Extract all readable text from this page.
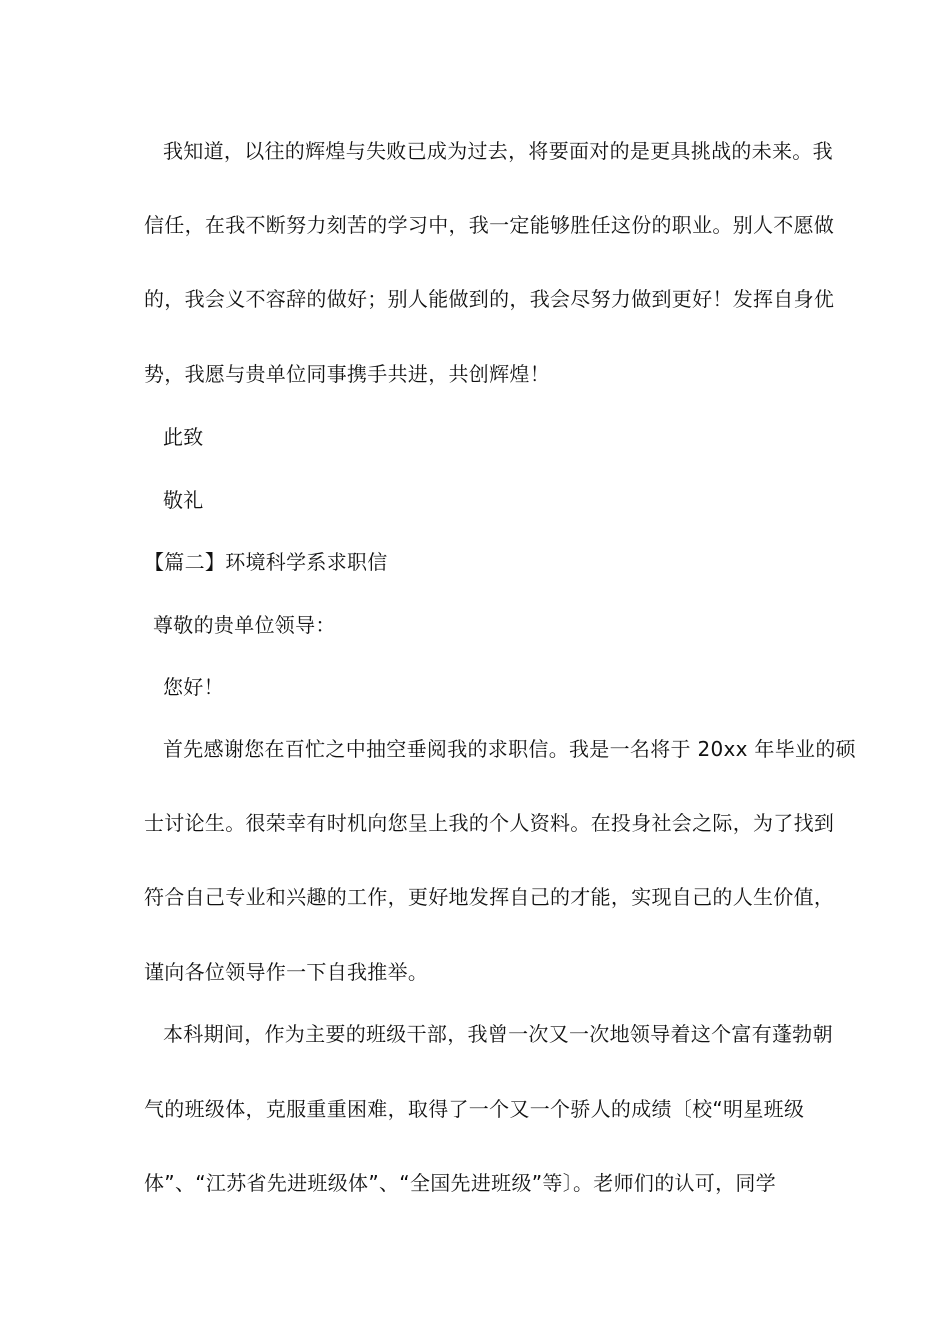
我知道，以往的辉煌与失败已成为过去，将要面对的是更具挑战的未来。我
信任，在我不断努力刻苦的学习中，我一定能够胜任这份的职业。别人不愿做
的，我会义不容辞的做好；别人能做到的，我会尽努力做到更好！发挥自身优
势，我愿与贵单位同事携手共进，共创辉煌！
此致
敬礼
【篇二】环境科学系求职信
尊敬的贵单位领导：
您好！
首先感谢您在百忙之中抽空垂阅我的求职信。我是一名将于 20xx 年毕业的硕
士讨论生。很荣幸有时机向您呈上我的个人资料。在投身社会之际，为了找到
符合自己专业和兴趣的工作，更好地发挥自己的才能，实现自己的人生价值，
谨向各位领导作一下自我推举。
本科期间，作为主要的班级干部，我曾一次又一次地领导着这个富有蓬勃朝
气的班级体，克服重重困难，取得了一个又一个骄人的成绩〔校“明星班级
体”、“江苏省先进班级体”、“全国先进班级”等〕。老师们的认可，同学
